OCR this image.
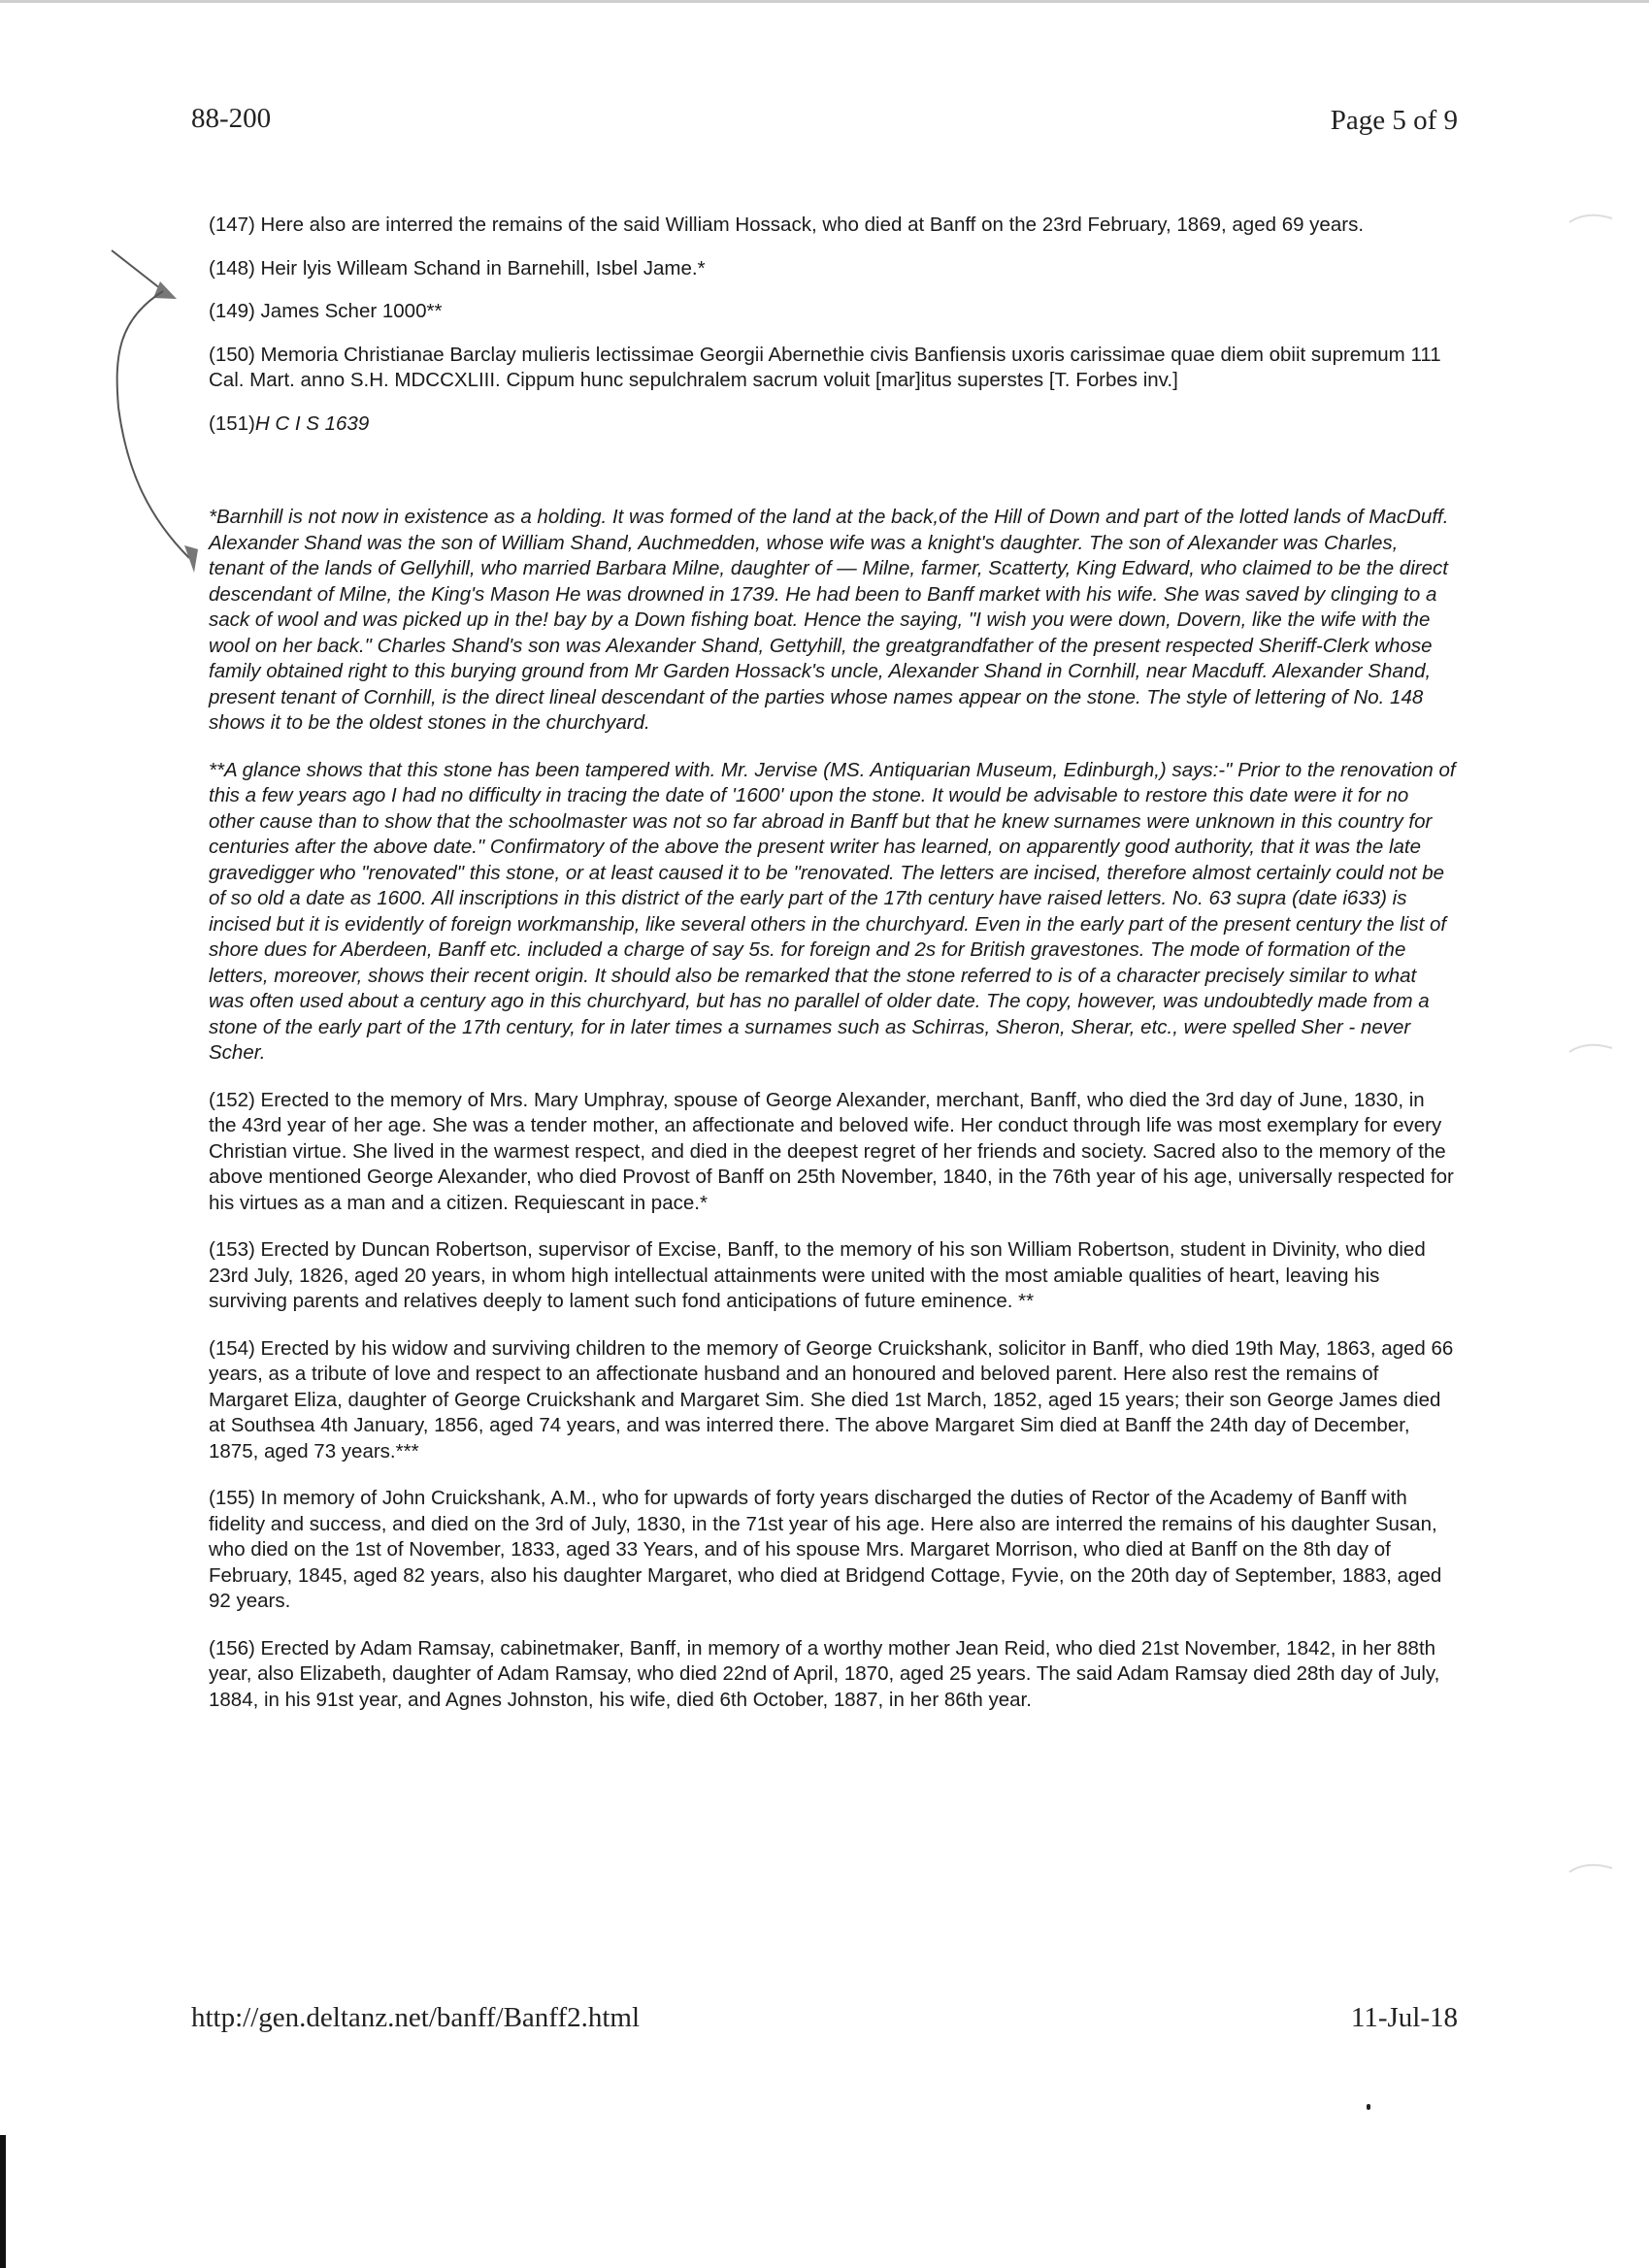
88-200	Page 5 of 9

(147) Here also are interred the remains of the said William Hossack, who died at Banff on the 23rd February, 1869, aged 69 years.

(148) Heir lyis Willeam Schand in Barnehill, Isbel Jame.*

(149) James Scher 1000**

(150) Memoria Christianae Barclay mulieris lectissimae Georgii Abernethie civis Banfiensis uxoris carissimae quae diem obiit supremum 111 Cal. Mart. anno S.H. MDCCXLIII. Cippum hunc sepulchralem sacrum voluit [mar]itus superstes [T. Forbes inv.]

(151)H C I S 1639

*Barnhill is not now in existence as a holding. It was formed of the land at the back,of the Hill of Down and part of the lotted lands of MacDuff. Alexander Shand was the son of William Shand, Auchmedden, whose wife was a knight's daughter. The son of Alexander was Charles, tenant of the lands of Gellyhill, who married Barbara Milne, daughter of — Milne, farmer, Scatterty, King Edward, who claimed to be the direct descendant of Milne, the King's Mason He was drowned in 1739. He had been to Banff market with his wife. She was saved by clinging to a sack of wool and was picked up in the! bay by a Down fishing boat. Hence the saying, "I wish you were down, Dovern, like the wife with the wool on her back." Charles Shand's son was Alexander Shand, Gettyhill, the greatgrandfather of the present respected Sheriff-Clerk whose family obtained right to this burying ground from Mr Garden Hossack's uncle, Alexander Shand in Cornhill, near Macduff. Alexander Shand, present tenant of Cornhill, is the direct lineal descendant of the parties whose names appear on the stone. The style of lettering of No. 148 shows it to be the oldest stones in the churchyard.

**A glance shows that this stone has been tampered with. Mr. Jervise (MS. Antiquarian Museum, Edinburgh,) says:-" Prior to the renovation of this a few years ago I had no difficulty in tracing the date of '1600' upon the stone. It would be advisable to restore this date were it for no other cause than to show that the schoolmaster was not so far abroad in Banff but that he knew surnames were unknown in this country for centuries after the above date." Confirmatory of the above the present writer has learned, on apparently good authority, that it was the late gravedigger who "renovated" this stone, or at least caused it to be "renovated. The letters are incised, therefore almost certainly could not be of so old a date as 1600. All inscriptions in this district of the early part of the 17th century have raised letters. No. 63 supra (date i633) is incised but it is evidently of foreign workmanship, like several others in the churchyard. Even in the early part of the present century the list of shore dues for Aberdeen, Banff etc. included a charge of say 5s. for foreign and 2s for British gravestones. The mode of formation of the letters, moreover, shows their recent origin. It should also be remarked that the stone referred to is of a character precisely similar to what was often used about a century ago in this churchyard, but has no parallel of older date. The copy, however, was undoubtedly made from a stone of the early part of the 17th century, for in later times a surnames such as Schirras, Sheron, Sherar, etc., were spelled Sher - never Scher.

(152) Erected to the memory of Mrs. Mary Umphray, spouse of George Alexander, merchant, Banff, who died the 3rd day of June, 1830, in the 43rd year of her age. She was a tender mother, an affectionate and beloved wife. Her conduct through life was most exemplary for every Christian virtue. She lived in the warmest respect, and died in the deepest regret of her friends and society. Sacred also to the memory of the above mentioned George Alexander, who died Provost of Banff on 25th November, 1840, in the 76th year of his age, universally respected for his virtues as a man and a citizen. Requiescant in pace.*

(153) Erected by Duncan Robertson, supervisor of Excise, Banff, to the memory of his son William Robertson, student in Divinity, who died 23rd July, 1826, aged 20 years, in whom high intellectual attainments were united with the most amiable qualities of heart, leaving his surviving parents and relatives deeply to lament such fond anticipations of future eminence. **

(154) Erected by his widow and surviving children to the memory of George Cruickshank, solicitor in Banff, who died 19th May, 1863, aged 66 years, as a tribute of love and respect to an affectionate husband and an honoured and beloved parent. Here also rest the remains of Margaret Eliza, daughter of George Cruickshank and Margaret Sim. She died 1st March, 1852, aged 15 years; their son George James died at Southsea 4th January, 1856, aged 74 years, and was interred there. The above Margaret Sim died at Banff the 24th day of December, 1875, aged 73 years.***

(155) In memory of John Cruickshank, A.M., who for upwards of forty years discharged the duties of Rector of the Academy of Banff with fidelity and success, and died on the 3rd of July, 1830, in the 71st year of his age. Here also are interred the remains of his daughter Susan, who died on the 1st of November, 1833, aged 33 Years, and of his spouse Mrs. Margaret Morrison, who died at Banff on the 8th day of February, 1845, aged 82 years, also his daughter Margaret, who died at Bridgend Cottage, Fyvie, on the 20th day of September, 1883, aged 92 years.

(156) Erected by Adam Ramsay, cabinetmaker, Banff, in memory of a worthy mother Jean Reid, who died 21st November, 1842, in her 88th year, also Elizabeth, daughter of Adam Ramsay, who died 22nd of April, 1870, aged 25 years. The said Adam Ramsay died 28th day of July, 1884, in his 91st year, and Agnes Johnston, his wife, died 6th October, 1887, in her 86th year.

http://gen.deltanz.net/banff/Banff2.html	11-Jul-18
